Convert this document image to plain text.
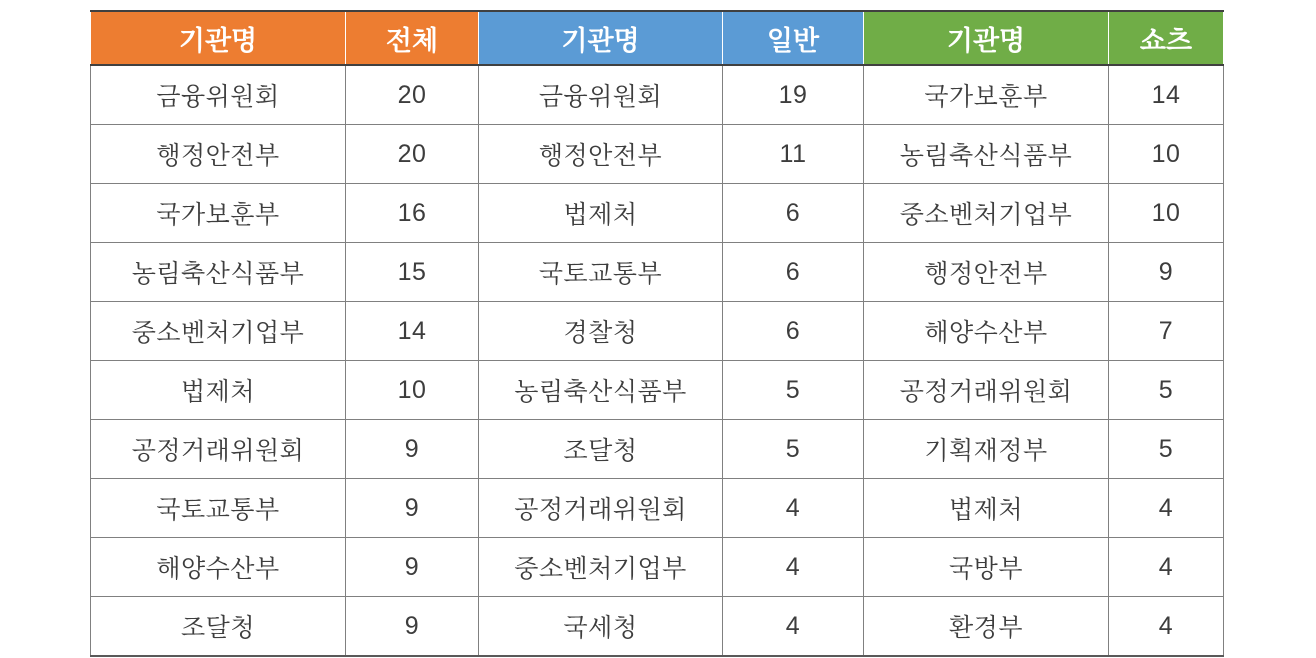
기관명	전체	기관명	일반	기관명	쇼츠
금융위원회	20	금융위원회	19	국가보훈부	14
행정안전부	20	행정안전부	11	농림축산식품부	10
국가보훈부	16	법제처	6	중소벤처기업부	10
농림축산식품부	15	국토교통부	6	행정안전부	9
중소벤처기업부	14	경찰청	6	해양수산부	7
법제처	10	농림축산식품부	5	공정거래위원회	5
공정거래위원회	9	조달청	5	기획재정부	5
국토교통부	9	공정거래위원회	4	법제처	4
해양수산부	9	중소벤처기업부	4	국방부	4
조달청	9	국세청	4	환경부	4
